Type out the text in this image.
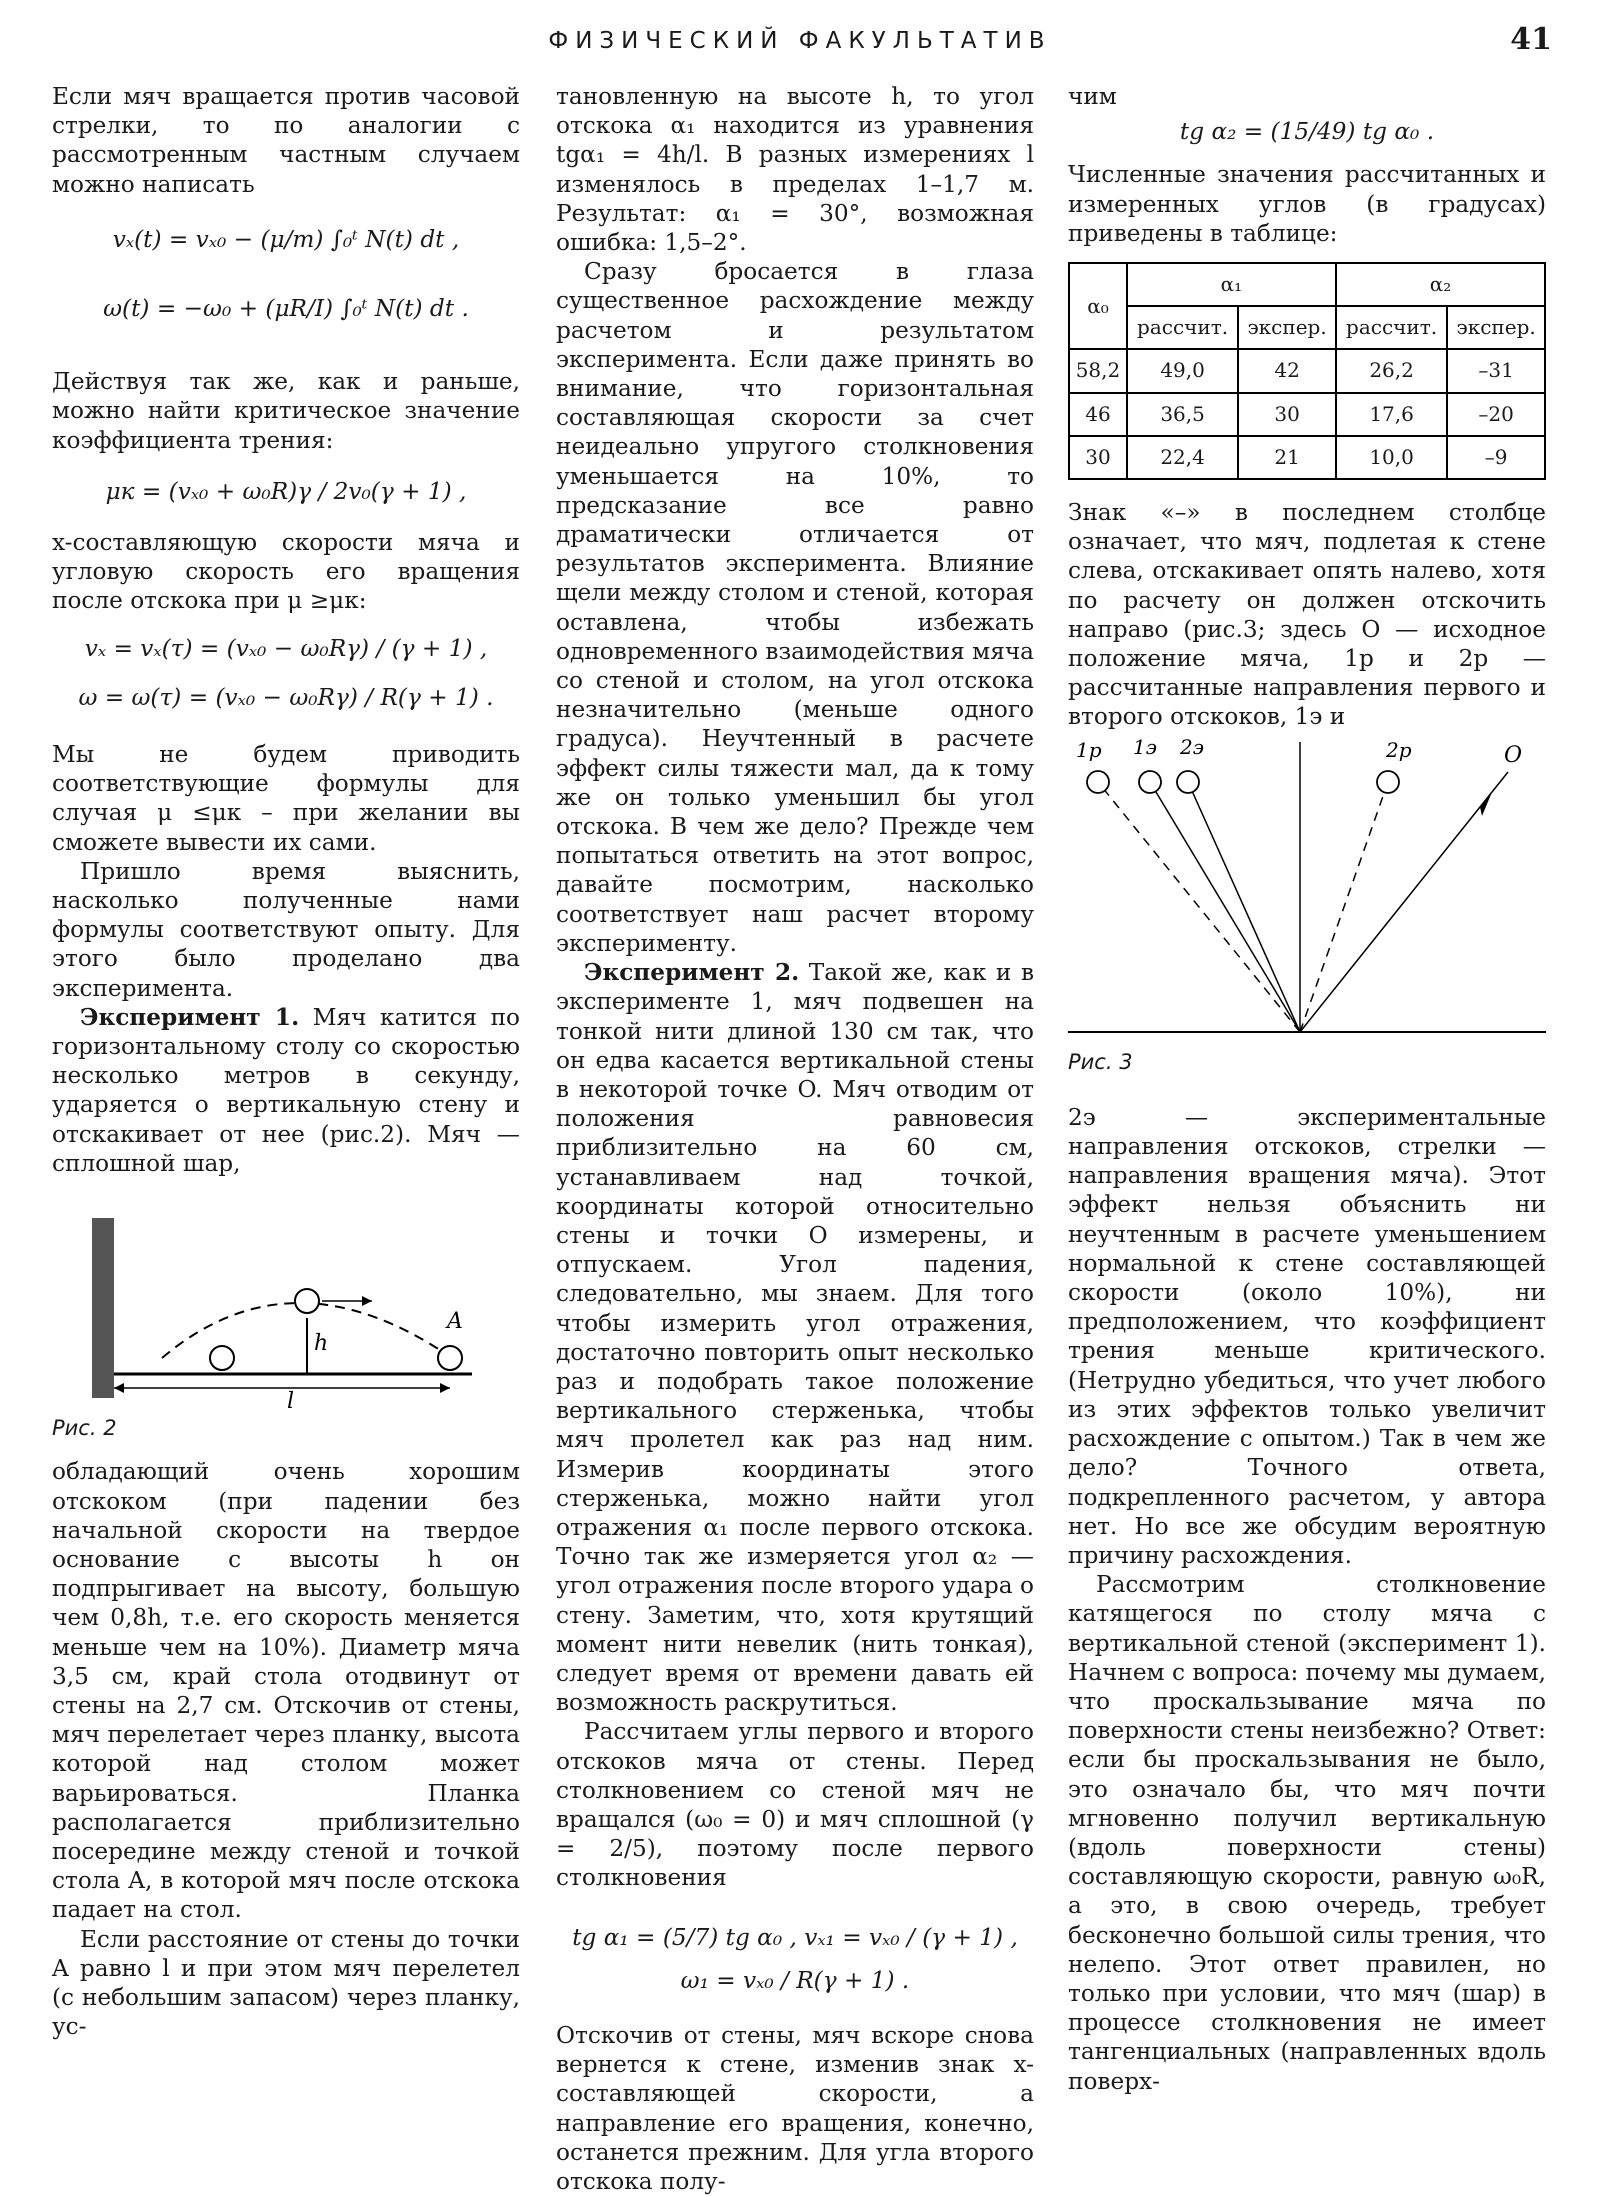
ФИЗИЧЕСКИЙ ФАКУЛЬТАТИВ	41

Если мяч вращается против часовой стрелки, то по аналогии с рассмотренным частным случаем можно написать

vₓ(t) = vₓ₀ − (μ/m) ∫₀ᵗ N(t) dt ,
ω(t) = −ω₀ + (μR/I) ∫₀ᵗ N(t) dt .

Действуя так же, как и раньше, можно найти критическое значение коэффициента трения:

μк = (vₓ₀ + ω₀R)γ / 2v₀(γ + 1) ,

x-составляющую скорости мяча и угловую скорость его вращения после отскока при μ ≥μк:

vₓ = vₓ(τ) = (vₓ₀ − ω₀Rγ) / (γ + 1) ,
ω = ω(τ) = (vₓ₀ − ω₀Rγ) / R(γ + 1) .

Мы не будем приводить соответствующие формулы для случая μ ≤μк – при желании вы сможете вывести их сами.

Пришло время выяснить, насколько полученные нами формулы соответствуют опыту. Для этого было проделано два эксперимента.

Эксперимент 1. Мяч катится по горизонтальному столу со скоростью несколько метров в секунду, ударяется о вертикальную стену и отскакивает от нее (рис.2). Мяч — сплошной шар,

h
A
l
Рис. 2

обладающий очень хорошим отскоком (при падении без начальной скорости на твердое основание с высоты h он подпрыгивает на высоту, большую чем 0,8h, т.е. его скорость меняется меньше чем на 10%). Диаметр мяча 3,5 см, край стола отодвинут от стены на 2,7 см. Отскочив от стены, мяч перелетает через планку, высота которой над столом может варьироваться. Планка располагается приблизительно посередине между стеной и точкой стола A, в которой мяч после отскока падает на стол.

Если расстояние от стены до точки A равно l и при этом мяч перелетел (с небольшим запасом) через планку, ус-

тановленную на высоте h, то угол отскока α₁ находится из уравнения tgα₁ = 4h/l. В разных измерениях l изменялось в пределах 1–1,7 м. Результат: α₁ = 30°, возможная ошибка: 1,5–2°.

Сразу бросается в глаза существенное расхождение между расчетом и результатом эксперимента. Если даже принять во внимание, что горизонтальная составляющая скорости за счет неидеально упругого столкновения уменьшается на 10%, то предсказание все равно драматически отличается от результатов эксперимента. Влияние щели между столом и стеной, которая оставлена, чтобы избежать одновременного взаимодействия мяча со стеной и столом, на угол отскока незначительно (меньше одного градуса). Неучтенный в расчете эффект силы тяжести мал, да к тому же он только уменьшил бы угол отскока. В чем же дело? Прежде чем попытаться ответить на этот вопрос, давайте посмотрим, насколько соответствует наш расчет второму эксперименту.

Эксперимент 2. Такой же, как и в эксперименте 1, мяч подвешен на тонкой нити длиной 130 см так, что он едва касается вертикальной стены в некоторой точке O. Мяч отводим от положения равновесия приблизительно на 60 см, устанавливаем над точкой, координаты которой относительно стены и точки O измерены, и отпускаем. Угол падения, следовательно, мы знаем. Для того чтобы измерить угол отражения, достаточно повторить опыт несколько раз и подобрать такое положение вертикального стерженька, чтобы мяч пролетел как раз над ним. Измерив координаты этого стерженька, можно найти угол отражения α₁ после первого отскока. Точно так же измеряется угол α₂ — угол отражения после второго удара о стену. Заметим, что, хотя крутящий момент нити невелик (нить тонкая), следует время от времени давать ей возможность раскрутиться.

Рассчитаем углы первого и второго отскоков мяча от стены. Перед столкновением со стеной мяч не вращался (ω₀ = 0) и мяч сплошной (γ = 2/5), поэтому после первого столкновения

tg α₁ = (5/7) tg α₀ , vₓ₁ = vₓ₀ / (γ + 1) ,
ω₁ = vₓ₀ / R(γ + 1) .

Отскочив от стены, мяч вскоре снова вернется к стене, изменив знак x-составляющей скорости, а направление его вращения, конечно, останется прежним. Для угла второго отскока полу-

чим

tg α₂ = (15/49) tg α₀ .

Численные значения рассчитанных и измеренных углов (в градусах) приведены в таблице:

α₀	α₁		α₂	
	рассчит.	экспер.	рассчит.	экспер.
58,2	49,0	42	26,2	–31
46	36,5	30	17,6	–20
30	22,4	21	10,0	–9

Знак «–» в последнем столбце означает, что мяч, подлетая к стене слева, отскакивает опять налево, хотя по расчету он должен отскочить направо (рис.3; здесь O — исходное положение мяча, 1р и 2р — рассчитанные направления первого и второго отскоков, 1э и

1р 1э 2э	2р	O
Рис. 3

2э — экспериментальные направления отскоков, стрелки — направления вращения мяча). Этот эффект нельзя объяснить ни неучтенным в расчете уменьшением нормальной к стене составляющей скорости (около 10%), ни предположением, что коэффициент трения меньше критического. (Нетрудно убедиться, что учет любого из этих эффектов только увеличит расхождение с опытом.) Так в чем же дело? Точного ответа, подкрепленного расчетом, у автора нет. Но все же обсудим вероятную причину расхождения.

Рассмотрим столкновение катящегося по столу мяча с вертикальной стеной (эксперимент 1). Начнем с вопроса: почему мы думаем, что проскальзывание мяча по поверхности стены неизбежно? Ответ: если бы проскальзывания не было, это означало бы, что мяч почти мгновенно получил вертикальную (вдоль поверхности стены) составляющую скорости, равную ω₀R, а это, в свою очередь, требует бесконечно большой силы трения, что нелепо. Этот ответ правилен, но только при условии, что мяч (шар) в процессе столкновения не имеет тангенциальных (направленных вдоль поверх-
